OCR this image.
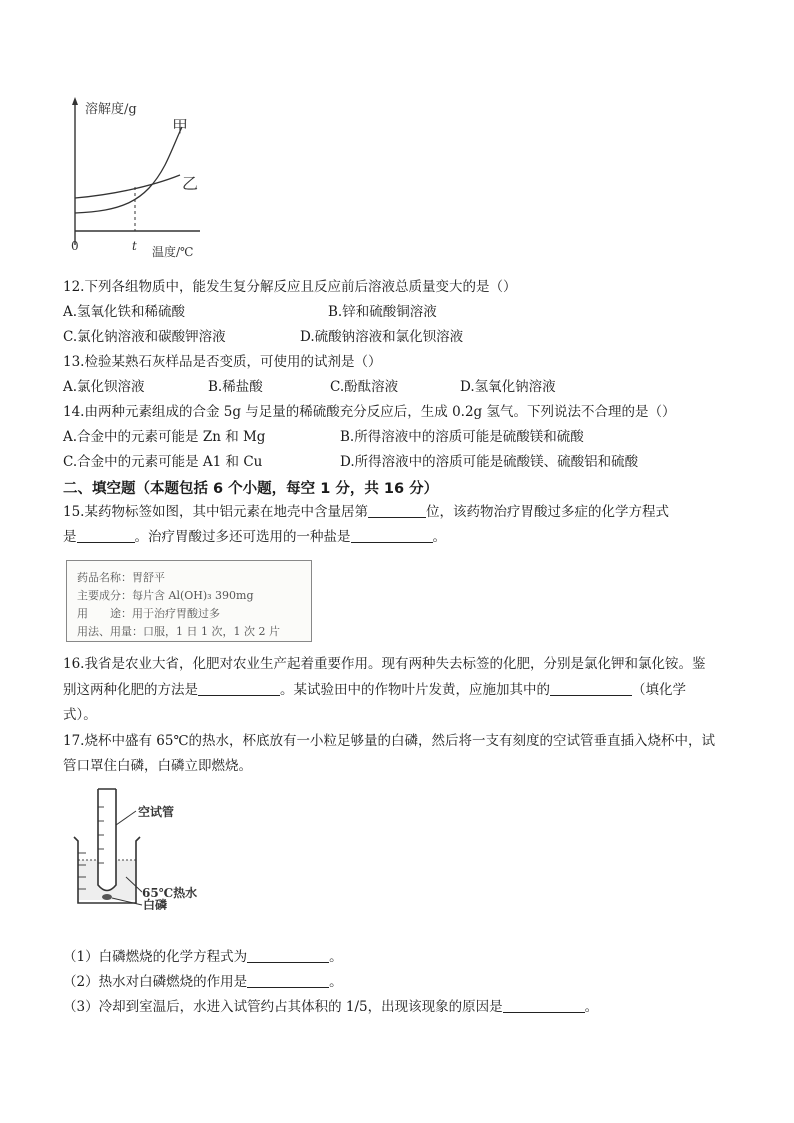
溶解度/g
温度/℃
0	t
甲
乙
12.下列各组物质中，能发生复分解反应且反应前后溶液总质量变大的是（）
A.氢氧化铁和稀硫酸	B.锌和硫酸铜溶液
C.氯化钠溶液和碳酸钾溶液	D.硫酸钠溶液和氯化钡溶液
13.检验某熟石灰样品是否变质，可使用的试剂是（）
A.氯化钡溶液	B.稀盐酸	C.酚酞溶液	D.氢氧化钠溶液
14.由两种元素组成的合金 5g 与足量的稀硫酸充分反应后，生成 0.2g 氢气。下列说法不合理的是（）
A.合金中的元素可能是 Zn 和 Mg	B.所得溶液中的溶质可能是硫酸镁和硫酸
C.合金中的元素可能是 A1 和 Cu	D.所得溶液中的溶质可能是硫酸镁、硫酸铝和硫酸
二、填空题（本题包括 6 个小题，每空 1 分，共 16 分）
15.某药物标签如图，其中铝元素在地壳中含量居第	位，该药物治疗胃酸过多症的化学方程式
是	。治疗胃酸过多还可选用的一种盐是	。
药品名称：胃舒平
主要成分：每片含 Al(OH)₃ 390mg
用　　途：用于治疗胃酸过多
用法、用量：口服，1 日 1 次，1 次 2 片
16.我省是农业大省，化肥对农业生产起着重要作用。现有两种失去标签的化肥，分别是氯化钾和氯化铵。鉴
别这两种化肥的方法是	。某试验田中的作物叶片发黄，应施加其中的	（填化学
式）。
17.烧杯中盛有 65℃的热水，杯底放有一小粒足够量的白磷，然后将一支有刻度的空试管垂直插入烧杯中，试
管口罩住白磷，白磷立即燃烧。
空试管
65℃热水
白磷
（1）白磷燃烧的化学方程式为	。
（2）热水对白磷燃烧的作用是	。
（3）冷却到室温后，水进入试管约占其体积的 1/5，出现该现象的原因是	。
